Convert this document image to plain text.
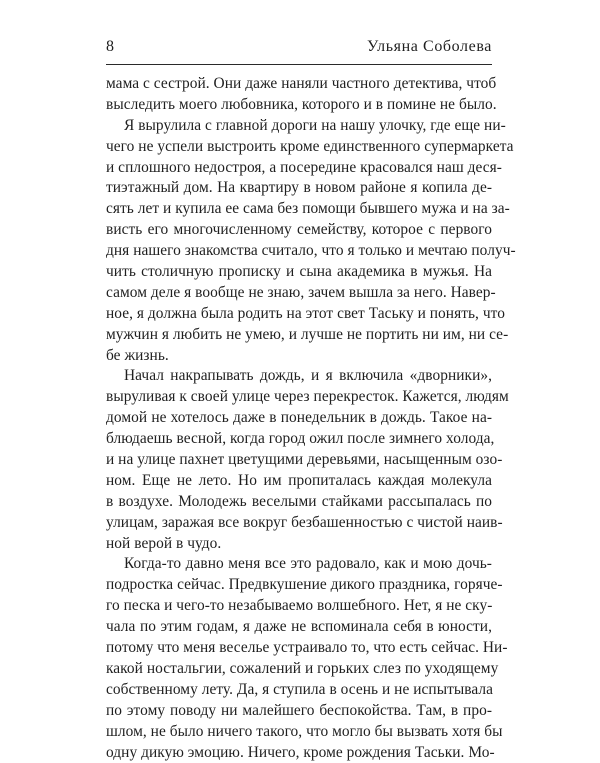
8	Ульяна Соболева
мама с сестрой. Они даже наняли частного детектива, чтоб
выследить моего любовника, которого и в помине не было.
Я вырулила с главной дороги на нашу улочку, где еще ни-
чего не успели выстроить кроме единственного супермаркета
и сплошного недостроя, а посередине красовался наш деся-
тиэтажный дом. На квартиру в новом районе я копила де-
сять лет и купила ее сама без помощи бывшего мужа и на за-
висть его многочисленному семейству, которое с первого
дня нашего знакомства считало, что я только и мечтаю получ-
чить столичную прописку и сына академика в мужья. На
самом деле я вообще не знаю, зачем вышла за него. Навер-
ное, я должна была родить на этот свет Таську и понять, что
мужчин я любить не умею, и лучше не портить ни им, ни се-
бе жизнь.
Начал накрапывать дождь, и я включила «дворники»,
выруливая к своей улице через перекресток. Кажется, людям
домой не хотелось даже в понедельник в дождь. Такое на-
блюдаешь весной, когда город ожил после зимнего холода,
и на улице пахнет цветущими деревьями, насыщенным озо-
ном. Еще не лето. Но им пропиталась каждая молекула
в воздухе. Молодежь веселыми стайками рассыпалась по
улицам, заражая все вокруг безбашенностью с чистой наив-
ной верой в чудо.
Когда-то давно меня все это радовало, как и мою дочь-
подростка сейчас. Предвкушение дикого праздника, горяче-
го песка и чего-то незабываемо волшебного. Нет, я не ску-
чала по этим годам, я даже не вспоминала себя в юности,
потому что меня веселье устраивало то, что есть сейчас. Ни-
какой ностальгии, сожалений и горьких слез по уходящему
собственному лету. Да, я ступила в осень и не испытывала
по этому поводу ни малейшего беспокойства. Там, в про-
шлом, не было ничего такого, что могло бы вызвать хотя бы
одну дикую эмоцию. Ничего, кроме рождения Таськи. Мо-
